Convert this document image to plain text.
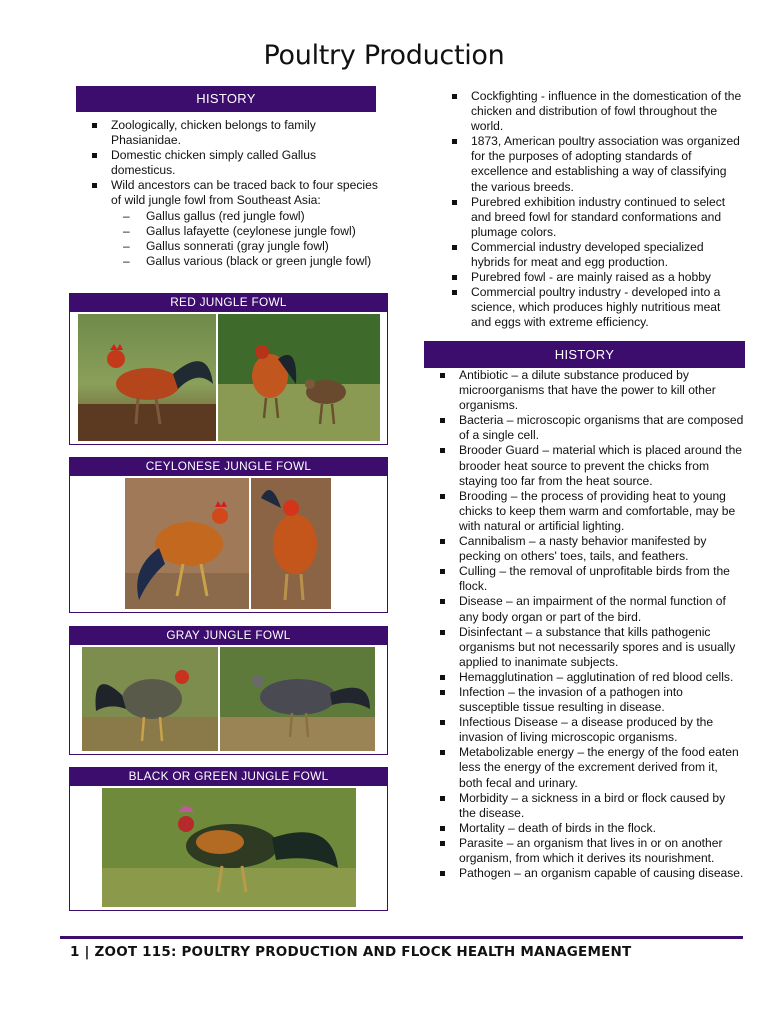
Poultry Production
HISTORY
Zoologically, chicken belongs to family Phasianidae.
Domestic chicken simply called Gallus domesticus.
Wild ancestors can be traced back to four species of wild jungle fowl from Southeast Asia:
– Gallus gallus (red jungle fowl)
– Gallus lafayette (ceylonese jungle fowl)
– Gallus sonnerati (gray jungle fowl)
– Gallus various (black or green jungle fowl)
RED JUNGLE FOWL
CEYLONESE JUNGLE FOWL
GRAY JUNGLE FOWL
BLACK OR GREEN JUNGLE FOWL
Cockfighting - influence in the domestication of the chicken and distribution of fowl throughout the world.
1873, American poultry association was organized for the purposes of adopting standards of excellence and establishing a way of classifying the various breeds.
Purebred exhibition industry continued to select and breed fowl for standard conformations and plumage colors.
Commercial industry developed specialized hybrids for meat and egg production.
Purebred fowl - are mainly raised as a hobby
Commercial poultry industry - developed into a science, which produces highly nutritious meat and eggs with extreme efficiency.
HISTORY
Antibiotic – a dilute substance produced by microorganisms that have the power to kill other organisms.
Bacteria – microscopic organisms that are composed of a single cell.
Brooder Guard – material which is placed around the brooder heat source to prevent the chicks from staying too far from the heat source.
Brooding – the process of providing heat to young chicks to keep them warm and comfortable, may be with natural or artificial lighting.
Cannibalism – a nasty behavior manifested by pecking on others' toes, tails, and feathers.
Culling – the removal of unprofitable birds from the flock.
Disease – an impairment of the normal function of any body organ or part of the bird.
Disinfectant – a substance that kills pathogenic organisms but not necessarily spores and is usually applied to inanimate subjects.
Hemagglutination – agglutination of red blood cells.
Infection – the invasion of a pathogen into susceptible tissue resulting in disease.
Infectious Disease – a disease produced by the invasion of living microscopic organisms.
Metabolizable energy – the energy of the food eaten less the energy of the excrement derived from it, both fecal and urinary.
Morbidity – a sickness in a bird or flock caused by the disease.
Mortality – death of birds in the flock.
Parasite – an organism that lives in or on another organism, from which it derives its nourishment.
Pathogen – an organism capable of causing disease.
1 | ZOOT 115: POULTRY PRODUCTION AND FLOCK HEALTH MANAGEMENT
